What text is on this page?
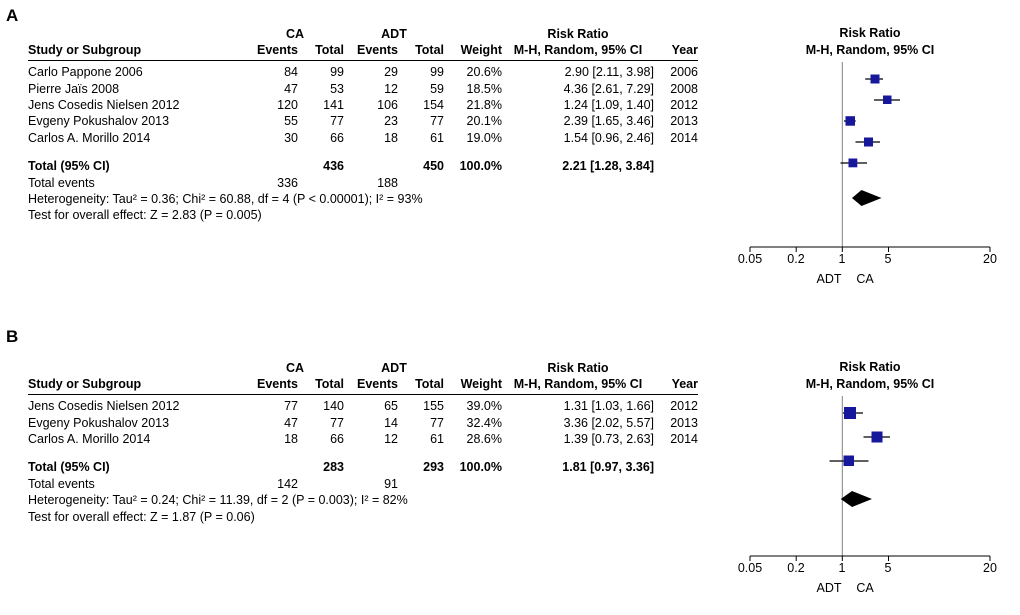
A
	CA		ADT			Risk Ratio	
Study or Subgroup	Events	Total	Events	Total	Weight	M-H, Random, 95% CI	Year

Carlo Pappone 2006	84	99	29	99	20.6%	2.90 [2.11, 3.98]	2006
Pierre Jaïs 2008	47	53	12	59	18.5%	4.36 [2.61, 7.29]	2008
Jens Cosedis Nielsen 2012	120	141	106	154	21.8%	1.24 [1.09, 1.40]	2012
Evgeny Pokushalov 2013	55	77	23	77	20.1%	2.39 [1.65, 3.46]	2013
Carlos A. Morillo 2014	30	66	18	61	19.0%	1.54 [0.96, 2.46]	2014

Total (95% CI)		436		450	100.0%	2.21 [1.28, 3.84]	
Total events	336		188				
Heterogeneity: Tau² = 0.36; Chi² = 60.88, df = 4 (P < 0.00001); I² = 93%							
Test for overall effect: Z = 2.83 (P = 0.005)							
Risk Ratio
M-H, Random, 95% CI
0.05 0.2	1	5	20
ADT CA
B
	CA		ADT			Risk Ratio	
Study or Subgroup	Events	Total	Events	Total	Weight	M-H, Random, 95% CI	Year

Jens Cosedis Nielsen 2012	77	140	65	155	39.0%	1.31 [1.03, 1.66]	2012
Evgeny Pokushalov 2013	47	77	14	77	32.4%	3.36 [2.02, 5.57]	2013
Carlos A. Morillo 2014	18	66	12	61	28.6%	1.39 [0.73, 2.63]	2014

Total (95% CI)		283		293	100.0%	1.81 [0.97, 3.36]	
Total events	142		91				
Heterogeneity: Tau² = 0.24; Chi² = 11.39, df = 2 (P = 0.003); I² = 82%							
Test for overall effect: Z = 1.87 (P = 0.06)							
Risk Ratio
M-H, Random, 95% CI
0.05 0.2	1	5	20
ADT CA
